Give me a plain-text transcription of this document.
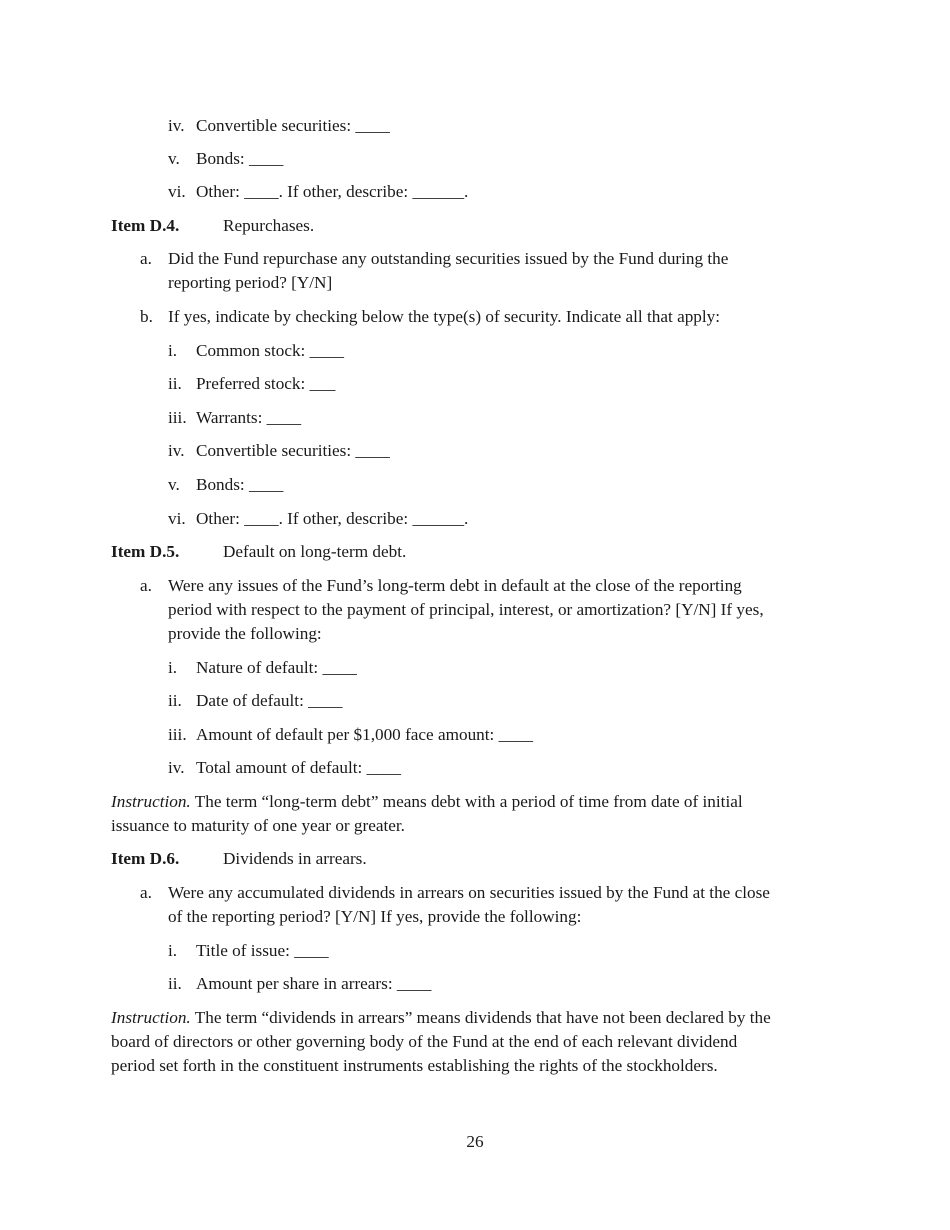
iv. Convertible securities: ____
v. Bonds: ____
vi. Other: ____. If other, describe: ______.
Item D.4.	Repurchases.
a. Did the Fund repurchase any outstanding securities issued by the Fund during the
reporting period? [Y/N]
b. If yes, indicate by checking below the type(s) of security. Indicate all that apply:
i. Common stock: ____
ii. Preferred stock: ___
iii. Warrants: ____
iv. Convertible securities: ____
v. Bonds: ____
vi. Other: ____. If other, describe: ______.
Item D.5.	Default on long-term debt.
a. Were any issues of the Fund’s long-term debt in default at the close of the reporting
period with respect to the payment of principal, interest, or amortization? [Y/N] If yes,
provide the following:
i. Nature of default: ____
ii. Date of default: ____
iii. Amount of default per $1,000 face amount: ____
iv. Total amount of default: ____
Instruction. The term “long-term debt” means debt with a period of time from date of initial
issuance to maturity of one year or greater.
Item D.6.	Dividends in arrears.
a. Were any accumulated dividends in arrears on securities issued by the Fund at the close
of the reporting period? [Y/N] If yes, provide the following:
i. Title of issue: ____
ii. Amount per share in arrears: ____
Instruction. The term “dividends in arrears” means dividends that have not been declared by the
board of directors or other governing body of the Fund at the end of each relevant dividend
period set forth in the constituent instruments establishing the rights of the stockholders.
26
